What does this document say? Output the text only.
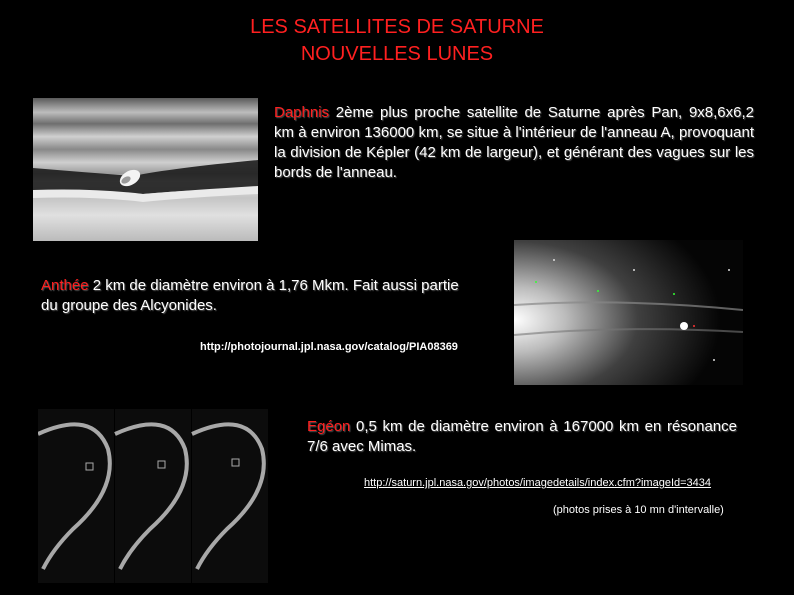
LES SATELLITES DE SATURNE
NOUVELLES LUNES
Daphnis 2ème plus proche satellite de Saturne après Pan, 9x8,6x6,2 km à environ 136000 km, se situe à l'intérieur de l'anneau A, provoquant la division de Képler (42 km de largeur), et générant des vagues sur les bords de l'anneau.
Anthée 2 km de diamètre environ à 1,76 Mkm. Fait aussi partie du groupe des Alcyonides.
http://photojournal.jpl.nasa.gov/catalog/PIA08369
Egéon 0,5 km de diamètre environ à 167000 km en résonance 7/6 avec Mimas.
http://saturn.jpl.nasa.gov/photos/imagedetails/index.cfm?imageId=3434
(photos prises à 10 mn d'intervalle)
